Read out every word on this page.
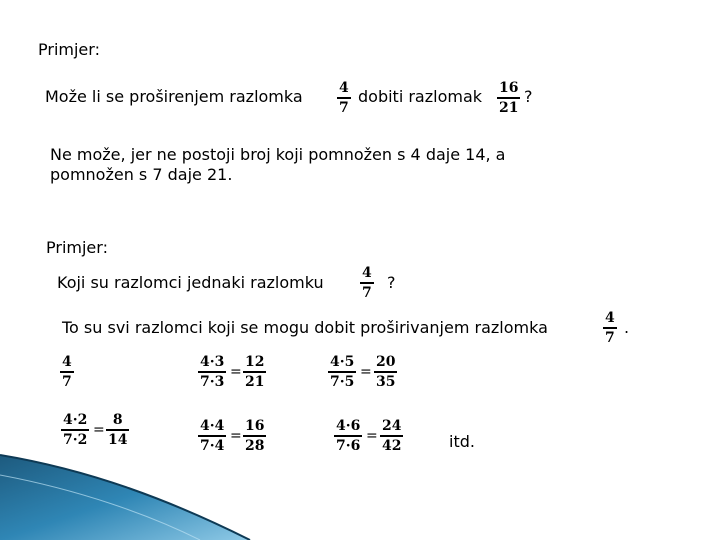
Primjer:
Može li se proširenjem razlomka	4
7
dobiti razlomak 16
21
?
Ne može, jer ne postoji broj koji pomnožen s 4 daje 14, a
pomnožen s 7 daje 21.
Primjer:
Koji su razlomci jednaki razlomku	4
7
?
To su svi razlomci koji se mogu dobit proširivanjem razlomka	4
7
.
4
7
4·3
7·3
=
12
21
4·5
7·5
=
20
35
4·2
7·2
=
8
14
4·4
7·4
=
16
28
4·6
7·6
=
24
42	itd.
